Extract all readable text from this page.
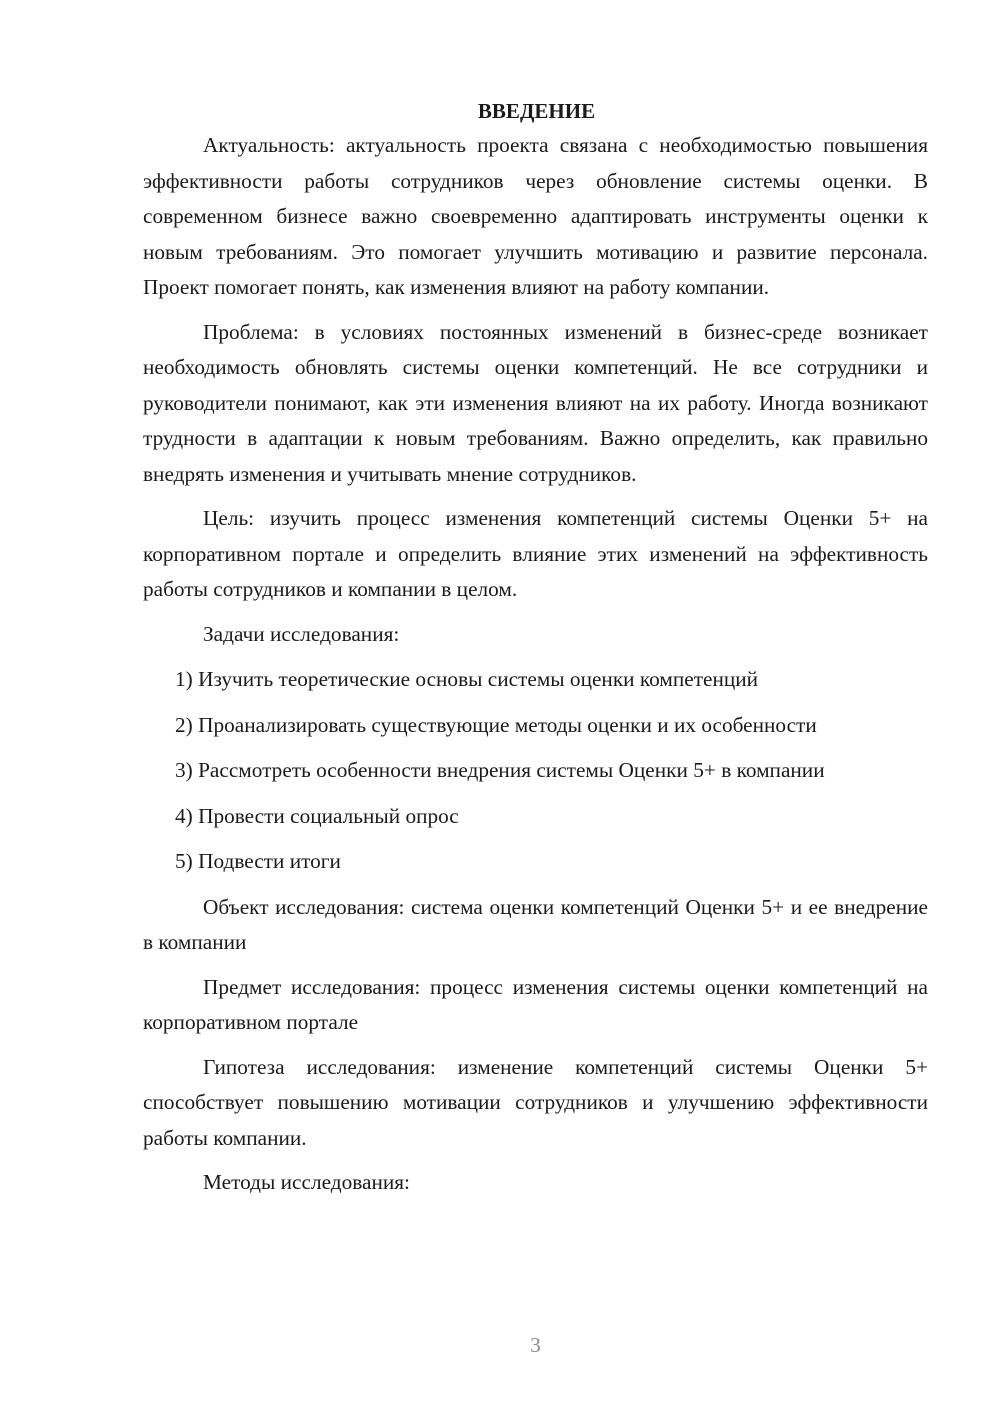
ВВЕДЕНИЕ

Актуальность: актуальность проекта связана с необходимостью повышения эффективности работы сотрудников через обновление системы оценки. В современном бизнесе важно своевременно адаптировать инструменты оценки к новым требованиям. Это помогает улучшить мотивацию и развитие персонала. Проект помогает понять, как изменения влияют на работу компании.

Проблема: в условиях постоянных изменений в бизнес-среде возникает необходимость обновлять системы оценки компетенций. Не все сотрудники и руководители понимают, как эти изменения влияют на их работу. Иногда возникают трудности в адаптации к новым требованиям. Важно определить, как правильно внедрять изменения и учитывать мнение сотрудников.

Цель: изучить процесс изменения компетенций системы Оценки 5+ на корпоративном портале и определить влияние этих изменений на эффективность работы сотрудников и компании в целом.

Задачи исследования:

1) Изучить теоретические основы системы оценки компетенций
2) Проанализировать существующие методы оценки и их особенности
3) Рассмотреть особенности внедрения системы Оценки 5+ в компании
4) Провести социальный опрос
5) Подвести итоги

Объект исследования: система оценки компетенций Оценки 5+ и ее внедрение в компании

Предмет исследования: процесс изменения системы оценки компетенций на корпоративном портале

Гипотеза исследования: изменение компетенций системы Оценки 5+ способствует повышению мотивации сотрудников и улучшению эффективности работы компании.

Методы исследования:

3
